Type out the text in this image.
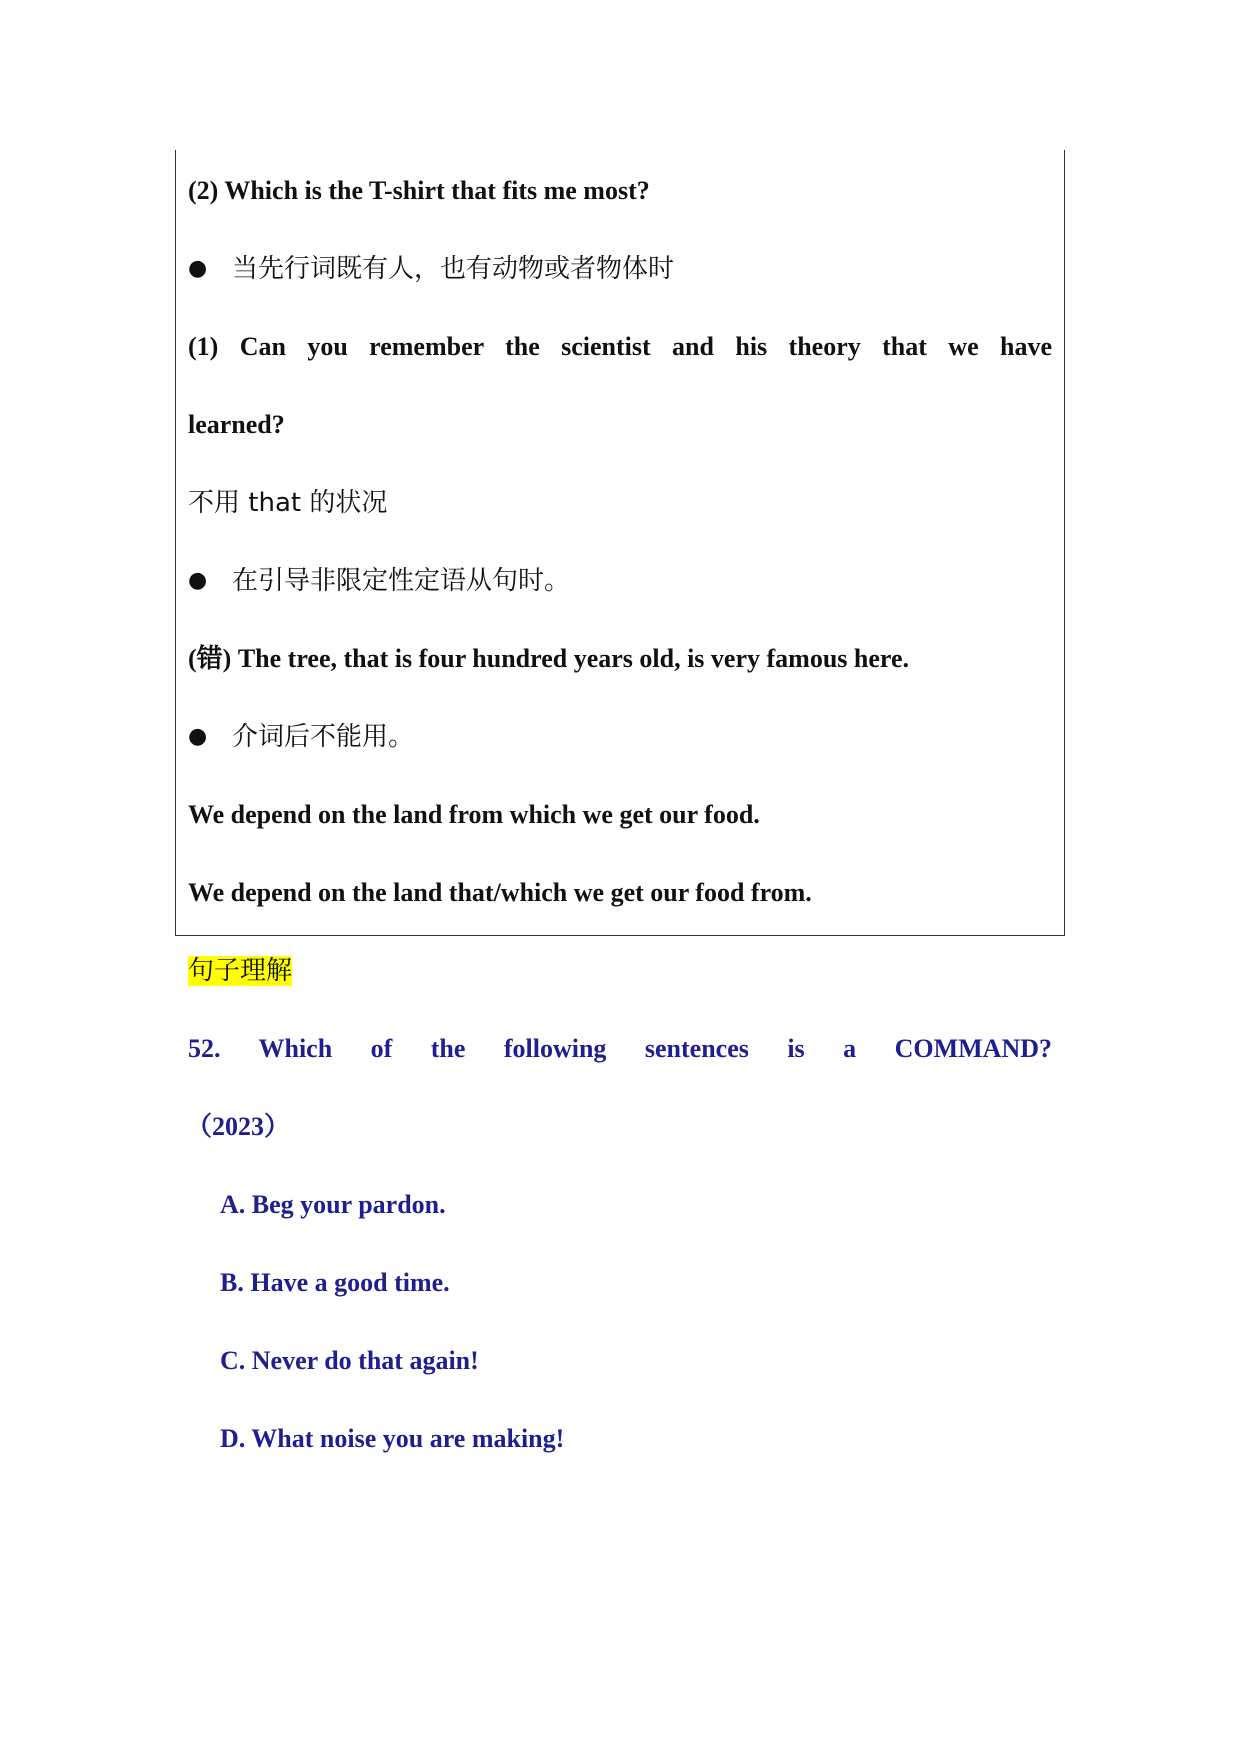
(2) Which is the T-shirt that fits me most?

● 当先行词既有人，也有动物或者物体时

(1) Can you remember the scientist and his theory that we have

learned?

不用 that 的状况

● 在引导非限定性定语从句时。

(错) The tree, that is four hundred years old, is very famous here.

● 介词后不能用。

We depend on the land from which we get our food.

We depend on the land that/which we get our food from.

句子理解

52. Which of the following sentences is a COMMAND?

（2023）

A. Beg your pardon.

B. Have a good time.

C. Never do that again!

D. What noise you are making!
